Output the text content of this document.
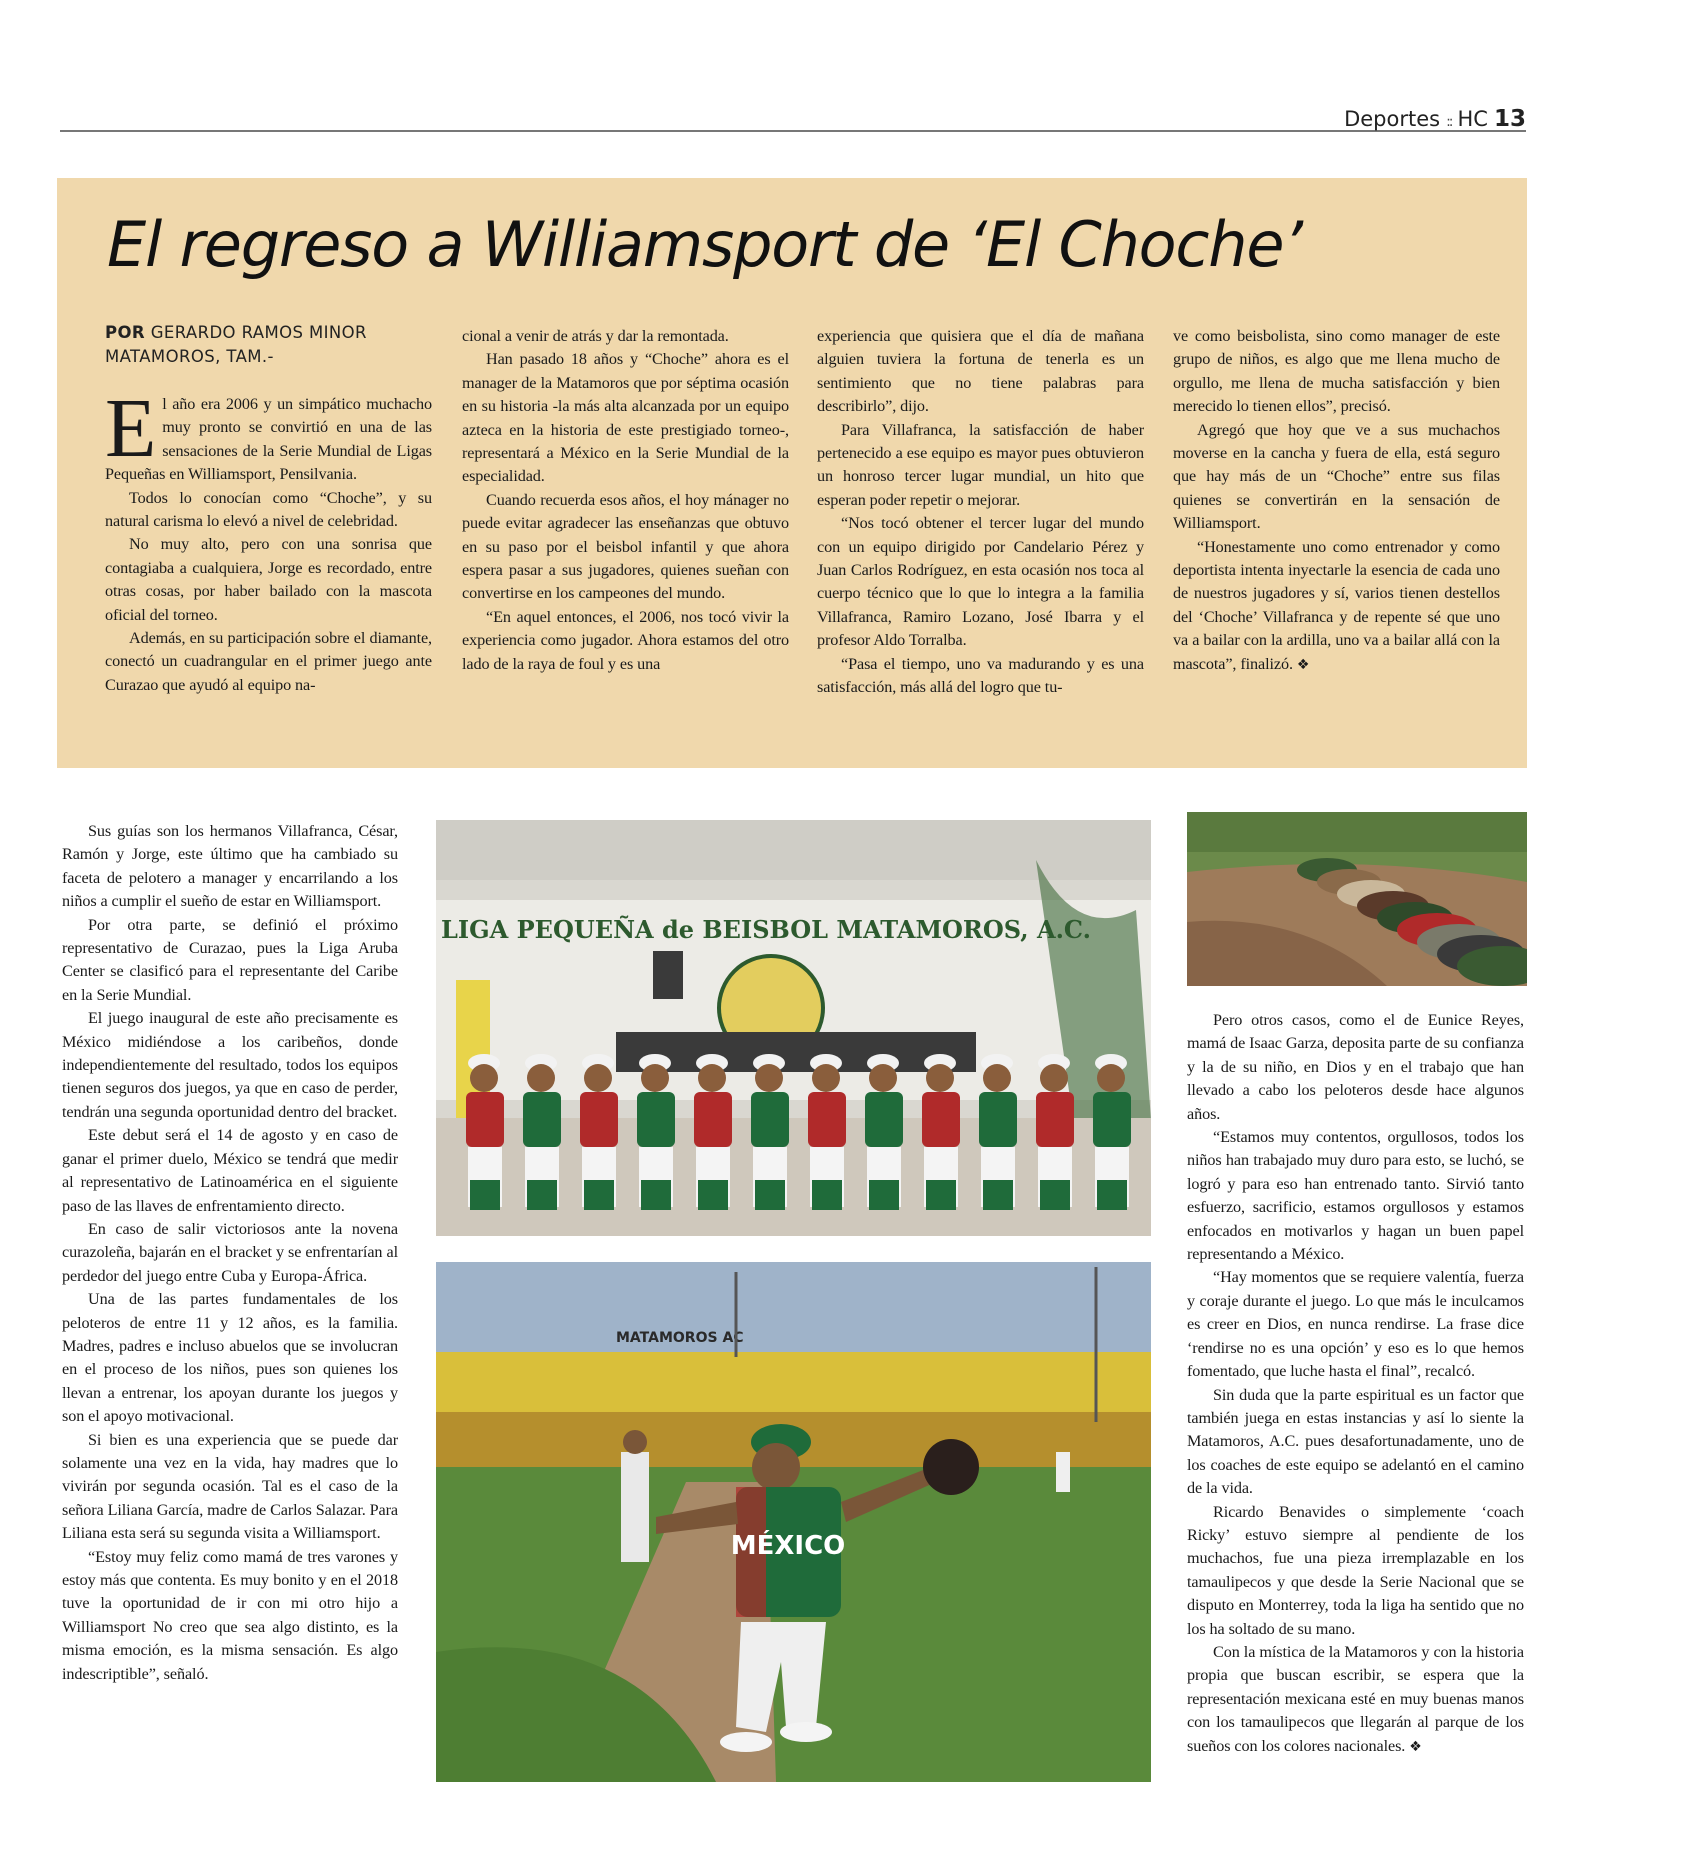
Deportes :: HC 13
El regreso a Williamsport de ‘El Choche’
POR GERARDO RAMOS MINOR
MATAMOROS, TAM.-

El año era 2006 y un simpático muchacho muy pronto se convirtió en una de las sensaciones de la Serie Mundial de Ligas Pequeñas en Williamsport, Pensilvania.

Todos lo conocían como “Choche”, y su natural carisma lo elevó a nivel de celebridad.

No muy alto, pero con una sonrisa que contagiaba a cualquiera, Jorge es recordado, entre otras cosas, por haber bailado con la mascota oficial del torneo.

Además, en su participación sobre el diamante, conectó un cuadrangular en el primer juego ante Curazao que ayudó al equipo na-

cional a venir de atrás y dar la remontada.

Han pasado 18 años y “Choche” ahora es el manager de la Matamoros que por séptima ocasión en su historia -la más alta alcanzada por un equipo azteca en la historia de este prestigiado torneo-, representará a México en la Serie Mundial de la especialidad.

Cuando recuerda esos años, el hoy mánager no puede evitar agradecer las enseñanzas que obtuvo en su paso por el beisbol infantil y que ahora espera pasar a sus jugadores, quienes sueñan con convertirse en los campeones del mundo.

“En aquel entonces, el 2006, nos tocó vivir la experiencia como jugador. Ahora estamos del otro lado de la raya de foul y es una

experiencia que quisiera que el día de mañana alguien tuviera la fortuna de tenerla es un sentimiento que no tiene palabras para describirlo”, dijo.

Para Villafranca, la satisfacción de haber pertenecido a ese equipo es mayor pues obtuvieron un honroso tercer lugar mundial, un hito que esperan poder repetir o mejorar.

“Nos tocó obtener el tercer lugar del mundo con un equipo dirigido por Candelario Pérez y Juan Carlos Rodríguez, en esta ocasión nos toca al cuerpo técnico que lo que lo integra a la familia Villafranca, Ramiro Lozano, José Ibarra y el profesor Aldo Torralba.

“Pasa el tiempo, uno va madurando y es una satisfacción, más allá del logro que tu-

ve como beisbolista, sino como manager de este grupo de niños, es algo que me llena mucho de orgullo, me llena de mucha satisfacción y bien merecido lo tienen ellos”, precisó.

Agregó que hoy que ve a sus muchachos moverse en la cancha y fuera de ella, está seguro que hay más de un “Choche” entre sus filas quienes se convertirán en la sensación de Williamsport.

“Honestamente uno como entrenador y como deportista intenta inyectarle la esencia de cada uno de nuestros jugadores y sí, varios tienen destellos del ‘Choche’ Villafranca y de repente sé que uno va a bailar con la ardilla, uno va a bailar allá con la mascota”, finalizó. ❖

Sus guías son los hermanos Villafranca, César, Ramón y Jorge, este último que ha cambiado su faceta de pelotero a manager y encarrilando a los niños a cumplir el sueño de estar en Williamsport.

Por otra parte, se definió el próximo representativo de Curazao, pues la Liga Aruba Center se clasificó para el representante del Caribe en la Serie Mundial.

El juego inaugural de este año precisamente es México midiéndose a los caribeños, donde independientemente del resultado, todos los equipos tienen seguros dos juegos, ya que en caso de perder, tendrán una segunda oportunidad dentro del bracket.

Este debut será el 14 de agosto y en caso de ganar el primer duelo, México se tendrá que medir al representativo de Latinoamérica en el siguiente paso de las llaves de enfrentamiento directo.

En caso de salir victoriosos ante la novena curazoleña, bajarán en el bracket y se enfrentarían al perdedor del juego entre Cuba y Europa-África.

Una de las partes fundamentales de los peloteros de entre 11 y 12 años, es la familia. Madres, padres e incluso abuelos que se involucran en el proceso de los niños, pues son quienes los llevan a entrenar, los apoyan durante los juegos y son el apoyo motivacional.

Si bien es una experiencia que se puede dar solamente una vez en la vida, hay madres que lo vivirán por segunda ocasión. Tal es el caso de la señora Liliana García, madre de Carlos Salazar. Para Liliana esta será su segunda visita a Williamsport.

“Estoy muy feliz como mamá de tres varones y estoy más que contenta. Es muy bonito y en el 2018 tuve la oportunidad de ir con mi otro hijo a Williamsport No creo que sea algo distinto, es la misma emoción, es la misma sensación. Es algo indescriptible”, señaló.

Pero otros casos, como el de Eunice Reyes, mamá de Isaac Garza, deposita parte de su confianza y la de su niño, en Dios y en el trabajo que han llevado a cabo los peloteros desde hace algunos años.

“Estamos muy contentos, orgullosos, todos los niños han trabajado muy duro para esto, se luchó, se logró y para eso han entrenado tanto. Sirvió tanto esfuerzo, sacrificio, estamos orgullosos y estamos enfocados en motivarlos y hagan un buen papel representando a México.

“Hay momentos que se requiere valentía, fuerza y coraje durante el juego. Lo que más le inculcamos es creer en Dios, en nunca rendirse. La frase dice ‘rendirse no es una opción’ y eso es lo que hemos fomentado, que luche hasta el final”, recalcó.

Sin duda que la parte espiritual es un factor que también juega en estas instancias y así lo siente la Matamoros, A.C. pues desafortunadamente, uno de los coaches de este equipo se adelantó en el camino de la vida.

Ricardo Benavides o simplemente ‘coach Ricky’ estuvo siempre al pendiente de los muchachos, fue una pieza irremplazable en los tamaulipecos y que desde la Serie Nacional que se disputo en Monterrey, toda la liga ha sentido que no los ha soltado de su mano.

Con la mística de la Matamoros y con la historia propia que buscan escribir, se espera que la representación mexicana esté en muy buenas manos con los tamaulipecos que llegarán al parque de los sueños con los colores nacionales. ❖

LIGA PEQUEÑA de BEISBOL MATAMOROS, A.C.
MATAMOROS AC
MÉXICO
